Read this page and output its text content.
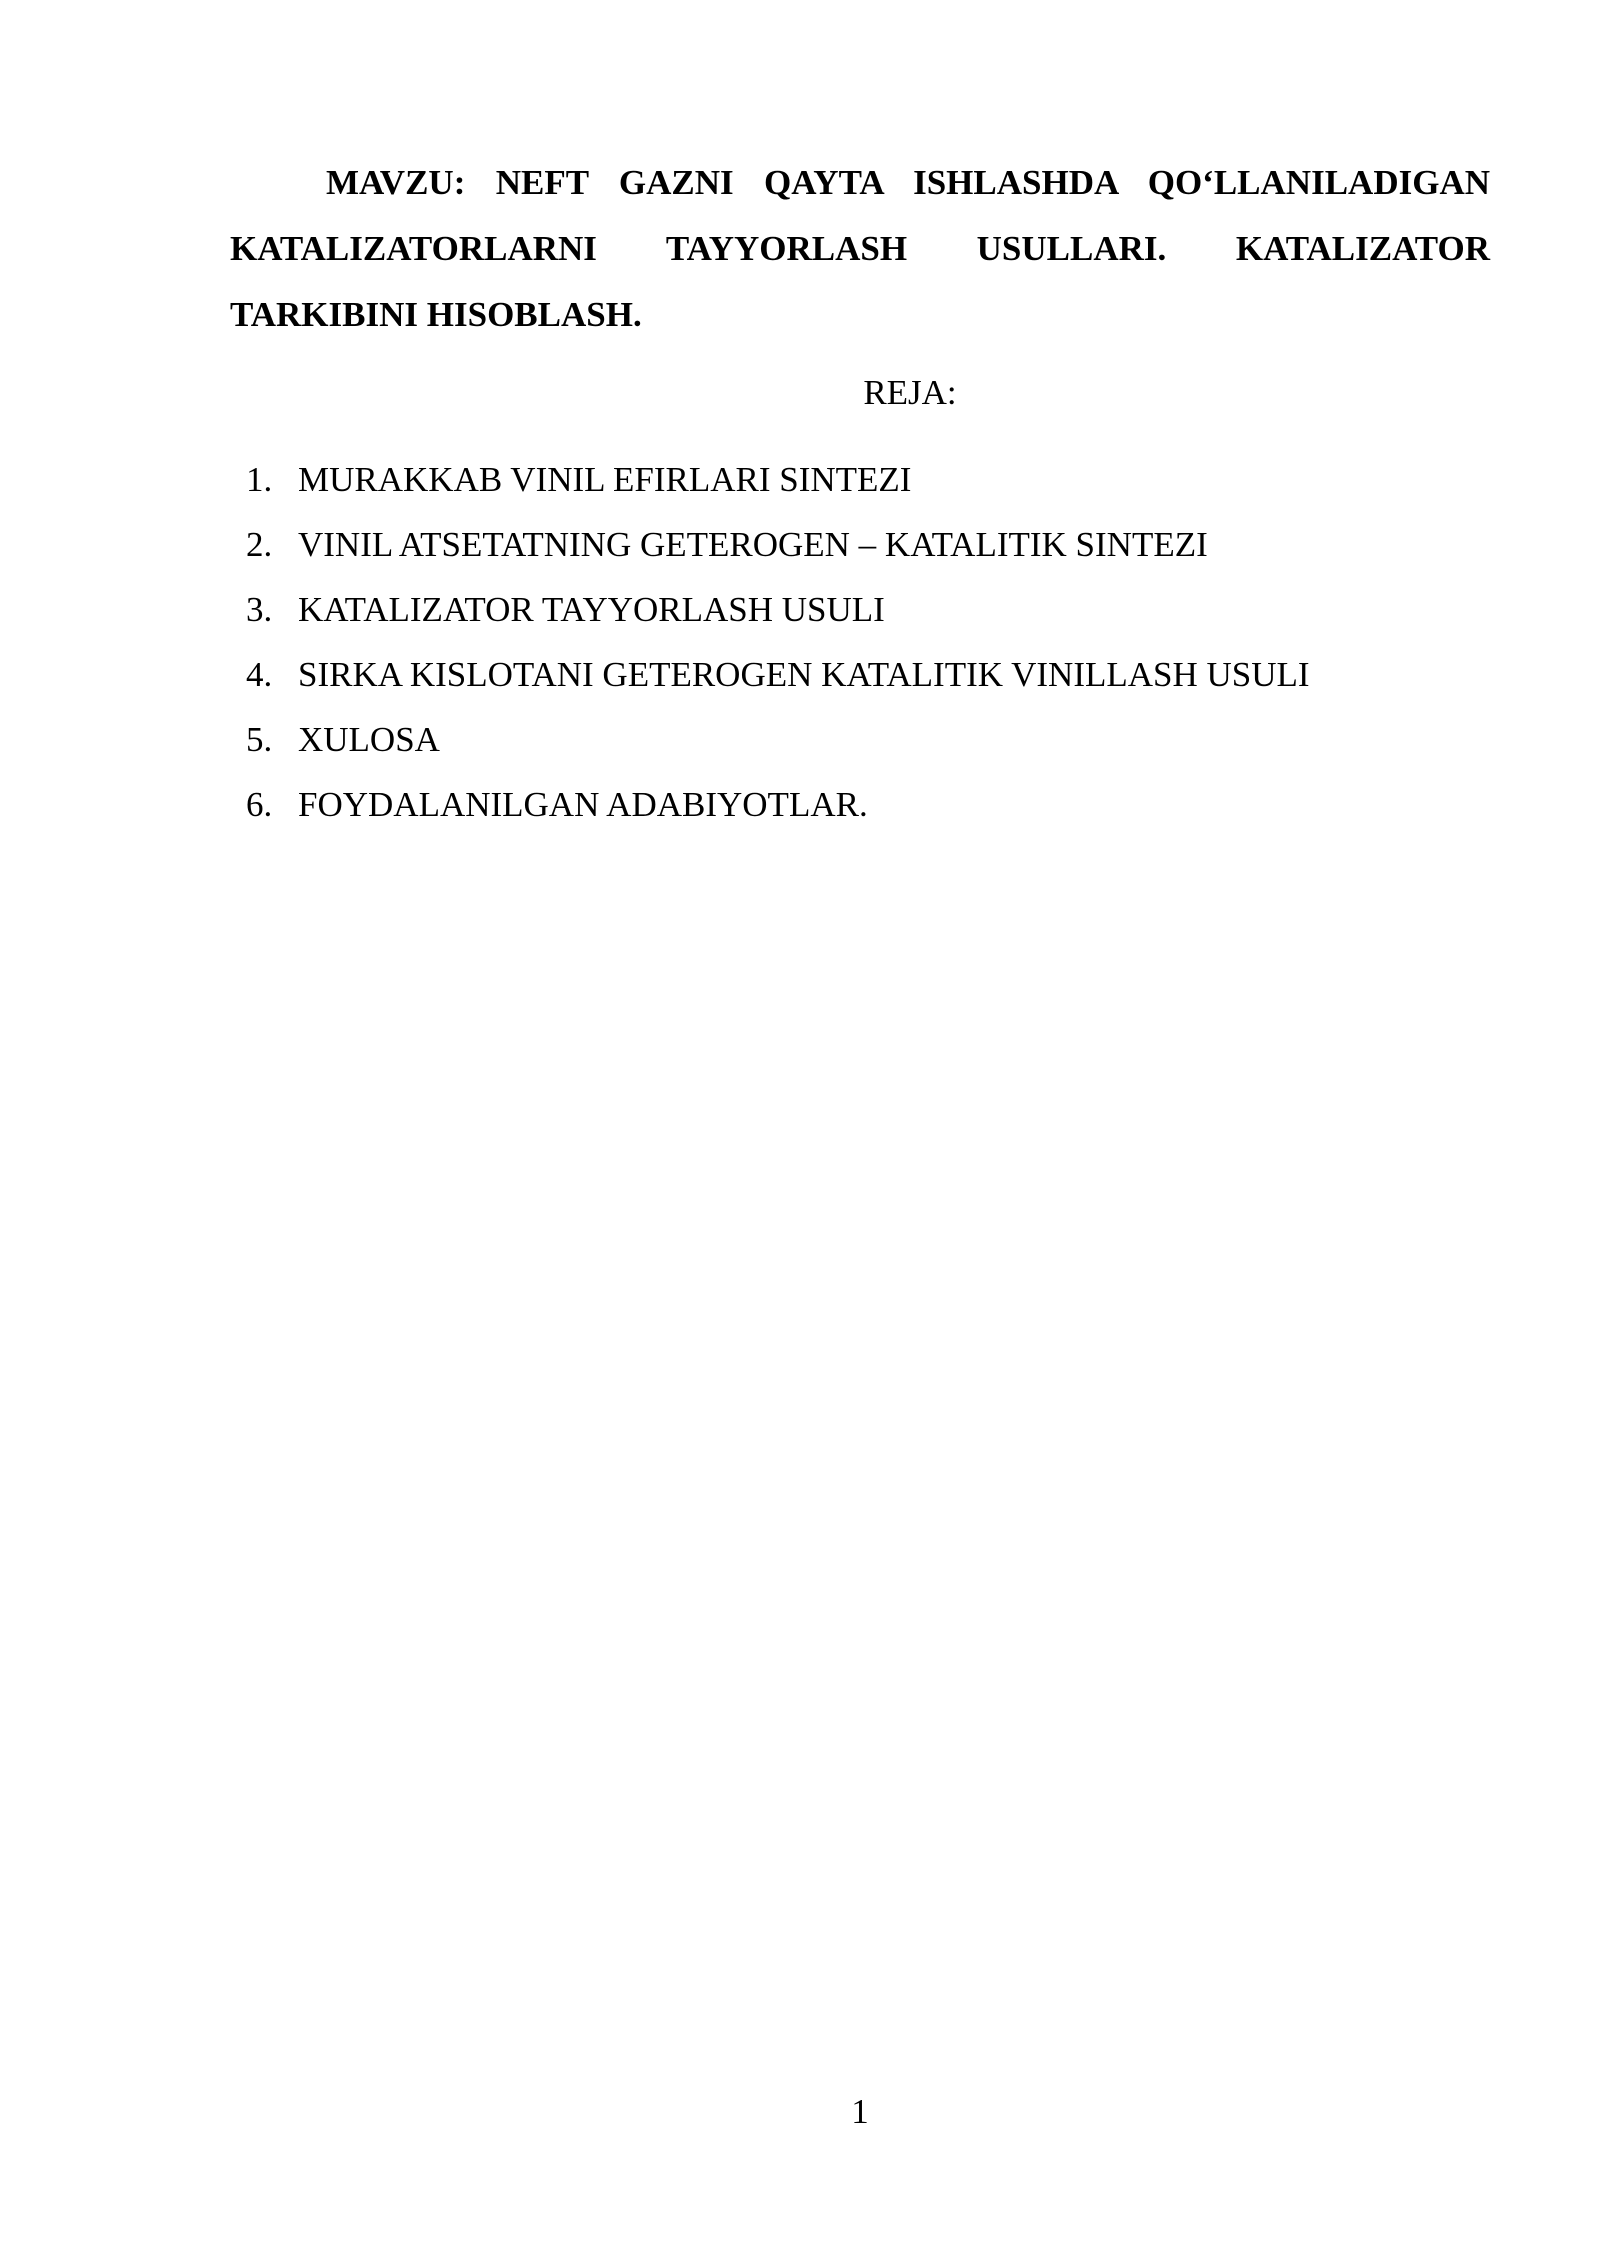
MAVZU: NEFT GAZNI QAYTA ISHLASHDA QO‘LLANILADIGAN KATALIZATORLARNI TAYYORLASH USULLARI. KATALIZATOR TARKIBINI HISOBLASH.

REJA:

1. MURAKKAB VINIL EFIRLARI SINTEZI
2. VINIL ATSETATNING GETEROGEN – KATALITIK SINTEZI
3. KATALIZATOR TAYYORLASH USULI
4. SIRKA KISLOTANI GETEROGEN KATALITIK VINILLASH USULI
5. XULOSA
6. FOYDALANILGAN ADABIYOTLAR.
1
